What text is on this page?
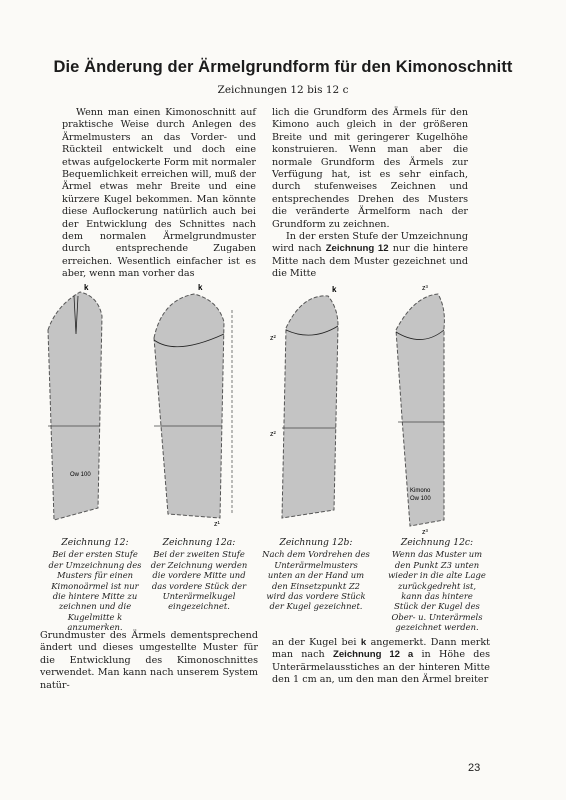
Die Änderung der Ärmelgrundform für den Kimonoschnitt
Zeichnungen 12 bis 12 c

Wenn man einen Kimonoschnitt auf praktische Weise durch Anlegen des Ärmelmusters an das Vorder- und Rückteil entwickelt und doch eine etwas aufgelockerte Form mit normaler Bequemlichkeit erreichen will, muß der Ärmel etwas mehr Breite und eine kürzere Kugel bekommen. Man könnte diese Auflockerung natürlich auch bei der Entwicklung des Schnittes nach dem normalen Ärmelgrundmuster durch entsprechende Zugaben erreichen. Wesentlich einfacher ist es aber, wenn man vorher das

lich die Grundform des Ärmels für den Kimono auch gleich in der größeren Breite und mit geringerer Kugelhöhe konstruieren. Wenn man aber die normale Grundform des Ärmels zur Verfügung hat, ist es sehr einfach, durch stufenweises Zeichnen und entsprechendes Drehen des Musters die veränderte Ärmelform nach der Grundform zu zeichnen.

In der ersten Stufe der Umzeichnung wird nach Zeichnung 12 nur die hintere Mitte nach dem Muster gezeichnet und die Mitte

k
Ow 100
k
z¹
k
z²
z²
z³
Kimono
Ow 100
z³
Zeichnung 12:
Bei der ersten Stufe der Umzeichnung des Musters für einen Kimonoärmel ist nur die hintere Mitte zu zeichnen und die Kugelmitte k anzumerken.
Zeichnung 12a:
Bei der zweiten Stufe der Zeichnung werden die vordere Mitte und das vordere Stück der Unterärmelkugel eingezeichnet.
Zeichnung 12b:
Nach dem Vordrehen des Unterärmelmusters unten an der Hand um den Einsetzpunkt Z2 wird das vordere Stück der Kugel gezeichnet.
Zeichnung 12c:
Wenn das Muster um den Punkt Z3 unten wieder in die alte Lage zurückgedreht ist, kann das hintere Stück der Kugel des Ober- u. Unterärmels gezeichnet werden.

Grundmuster des Ärmels dementsprechend ändert und dieses umgestellte Muster für die Entwicklung des Kimonoschnittes verwendet. Man kann nach unserem System natür-

an der Kugel bei k angemerkt. Dann merkt man nach Zeichnung 12 a in Höhe des Unterärmelausstiches an der hinteren Mitte den 1 cm an, um den man den Ärmel breiter

23
